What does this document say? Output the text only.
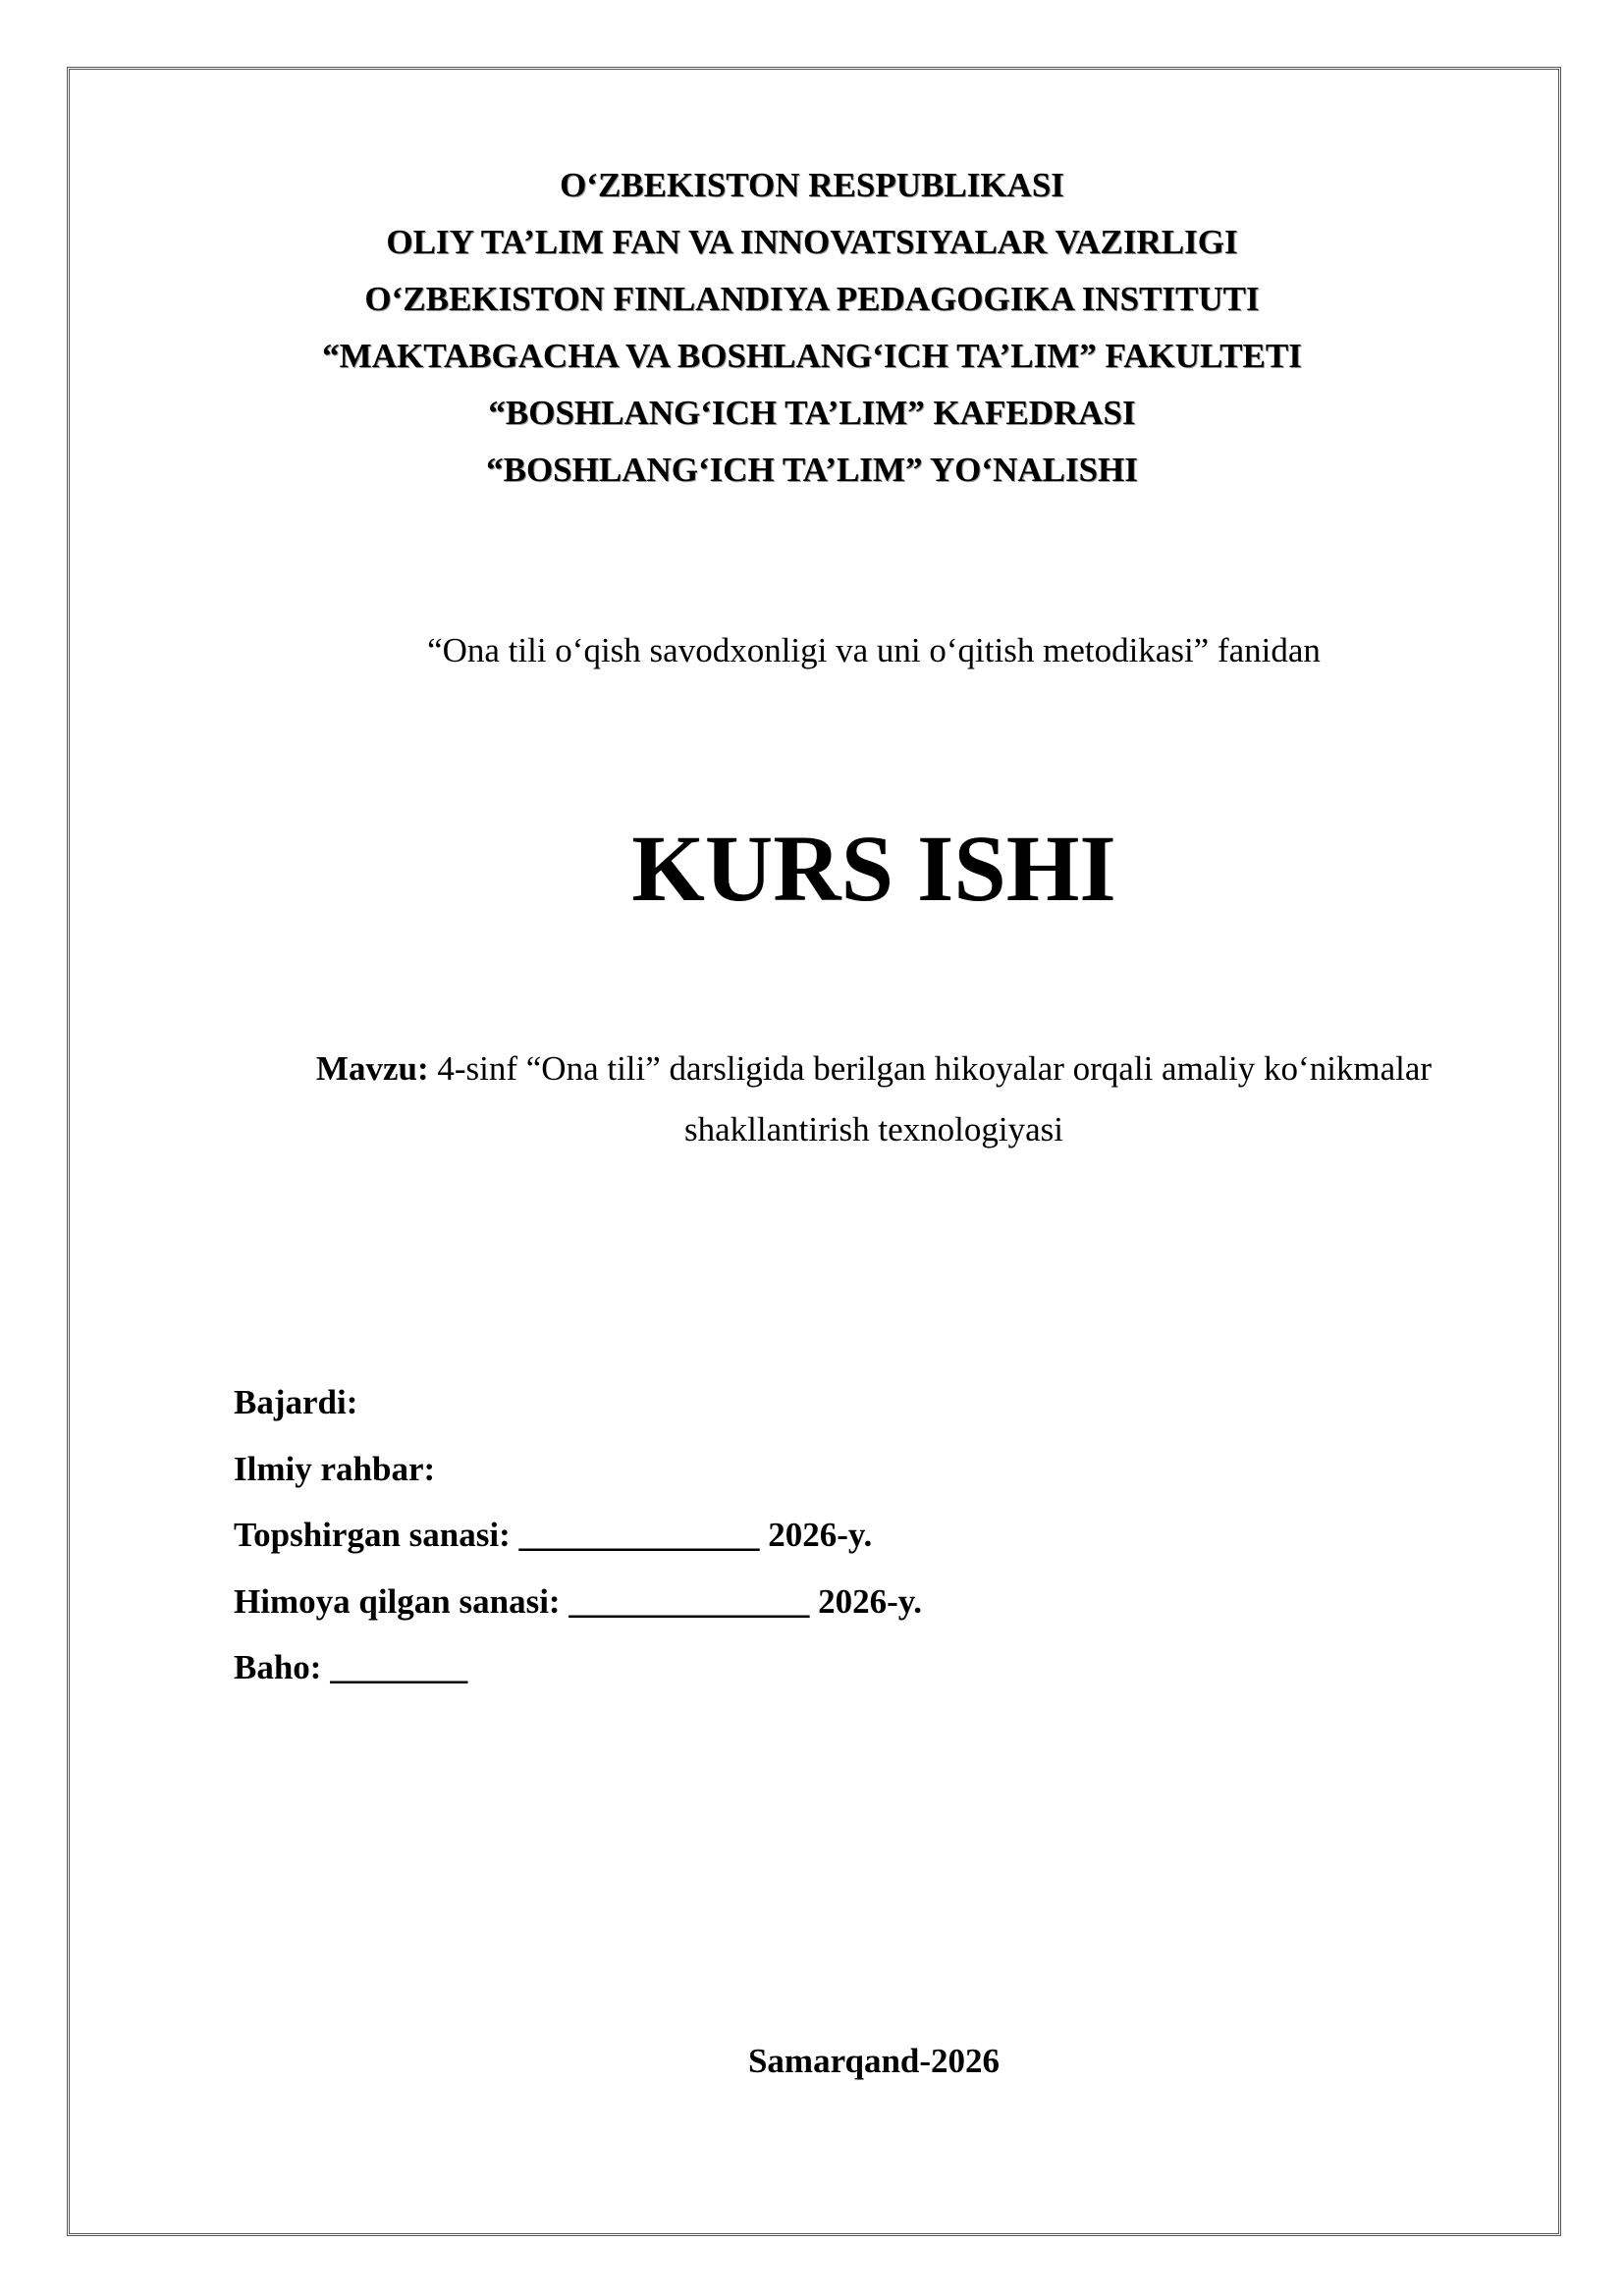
O‘ZBEKISTON RESPUBLIKASI
OLIY TA’LIM FAN VA INNOVATSIYALAR VAZIRLIGI
O‘ZBEKISTON FINLANDIYA PEDAGOGIKA INSTITUTI
“MAKTABGACHA VA BOSHLANG‘ICH TA’LIM” FAKULTETI
“BOSHLANG‘ICH TA’LIM” KAFEDRASI
“BOSHLANG‘ICH TA’LIM” YO‘NALISHI
“Ona tili o‘qish savodxonligi va uni o‘qitish metodikasi” fanidan
KURS ISHI
Mavzu: 4-sinf “Ona tili” darsligida berilgan hikoyalar orqali amaliy ko‘nikmalar shakllantirish texnologiyasi
Bajardi:
Ilmiy rahbar:
Topshirgan sanasi: ______________ 2026-y.
Himoya qilgan sanasi: ______________ 2026-y.
Baho: ________
Samarqand-2026
